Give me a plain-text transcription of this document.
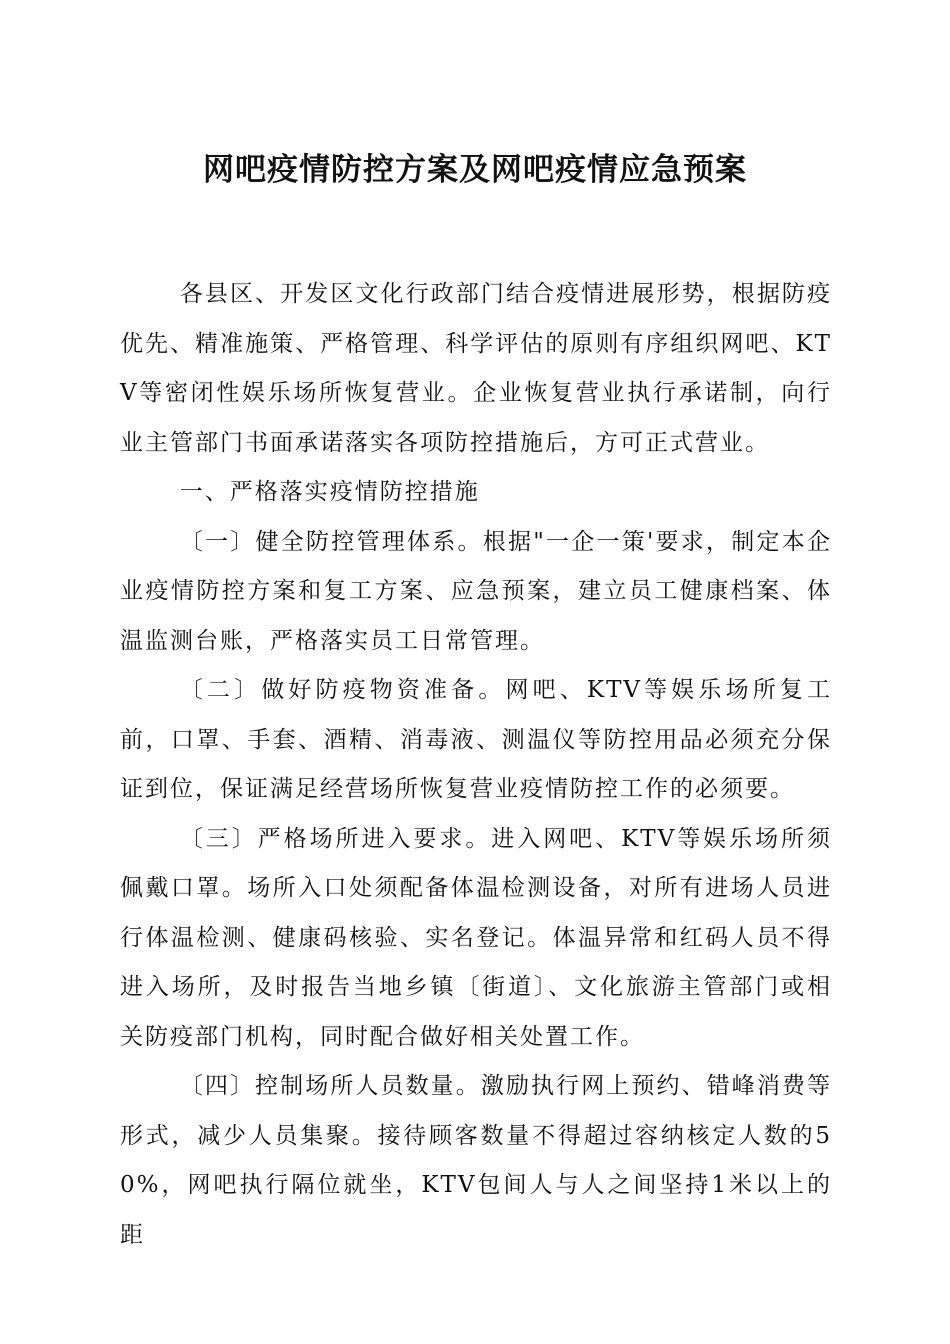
网吧疫情防控方案及网吧疫情应急预案

各县区、开发区文化行政部门结合疫情进展形势，根据防疫优先、精准施策、严格管理、科学评估的原则有序组织网吧、KTV等密闭性娱乐场所恢复营业。企业恢复营业执行承诺制，向行业主管部门书面承诺落实各项防控措施后，方可正式营业。

一、严格落实疫情防控措施

〔一〕健全防控管理体系。根据"一企一策'要求，制定本企业疫情防控方案和复工方案、应急预案，建立员工健康档案、体温监测台账，严格落实员工日常管理。

〔二〕做好防疫物资准备。网吧、KTV等娱乐场所复工前，口罩、手套、酒精、消毒液、测温仪等防控用品必须充分保证到位，保证满足经营场所恢复营业疫情防控工作的必须要。

〔三〕严格场所进入要求。进入网吧、KTV等娱乐场所须佩戴口罩。场所入口处须配备体温检测设备，对所有进场人员进行体温检测、健康码核验、实名登记。体温异常和红码人员不得进入场所，及时报告当地乡镇〔街道〕、文化旅游主管部门或相关防疫部门机构，同时配合做好相关处置工作。

〔四〕控制场所人员数量。激励执行网上预约、错峰消费等形式，减少人员集聚。接待顾客数量不得超过容纳核定人数的50%，网吧执行隔位就坐，KTV包间人与人之间坚持1米以上的距
